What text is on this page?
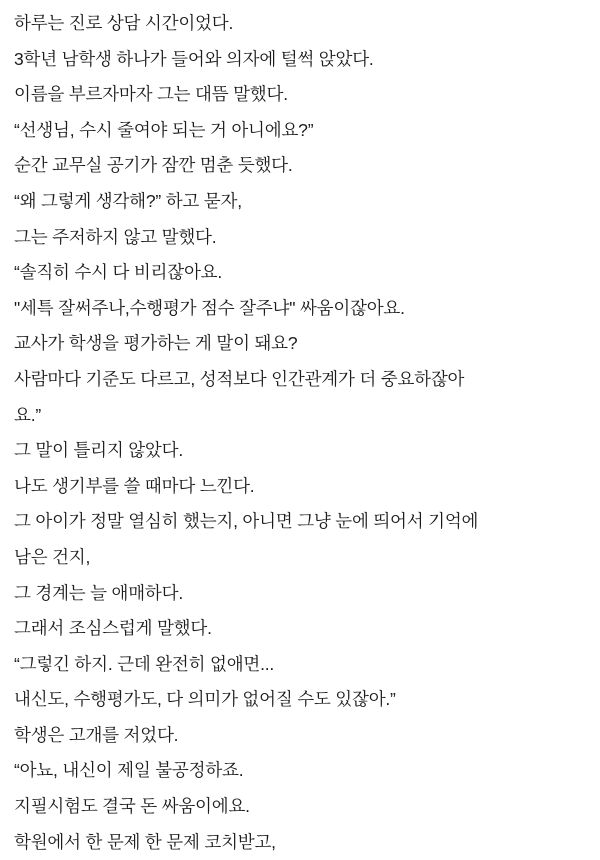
하루는 진로 상담 시간이었다.
3학년 남학생 하나가 들어와 의자에 털썩 앉았다.
이름을 부르자마자 그는 대뜸 말했다.
“선생님, 수시 줄여야 되는 거 아니에요?”
순간 교무실 공기가 잠깐 멈춘 듯했다.
“왜 그렇게 생각해?” 하고 묻자,
그는 주저하지 않고 말했다.
“솔직히 수시 다 비리잖아요.
"세특 잘써주나,수행평가 점수 잘주냐" 싸움이잖아요.
교사가 학생을 평가하는 게 말이 돼요?
사람마다 기준도 다르고, 성적보다 인간관계가 더 중요하잖아
요.”
그 말이 틀리지 않았다.
나도 생기부를 쓸 때마다 느낀다.
그 아이가 정말 열심히 했는지, 아니면 그냥 눈에 띄어서 기억에
남은 건지,
그 경계는 늘 애매하다.
그래서 조심스럽게 말했다.
“그렇긴 하지. 근데 완전히 없애면...
내신도, 수행평가도, 다 의미가 없어질 수도 있잖아.”
학생은 고개를 저었다.
“아뇨, 내신이 제일 불공정하죠.
지필시험도 결국 돈 싸움이에요.
학원에서 한 문제 한 문제 코치받고,
